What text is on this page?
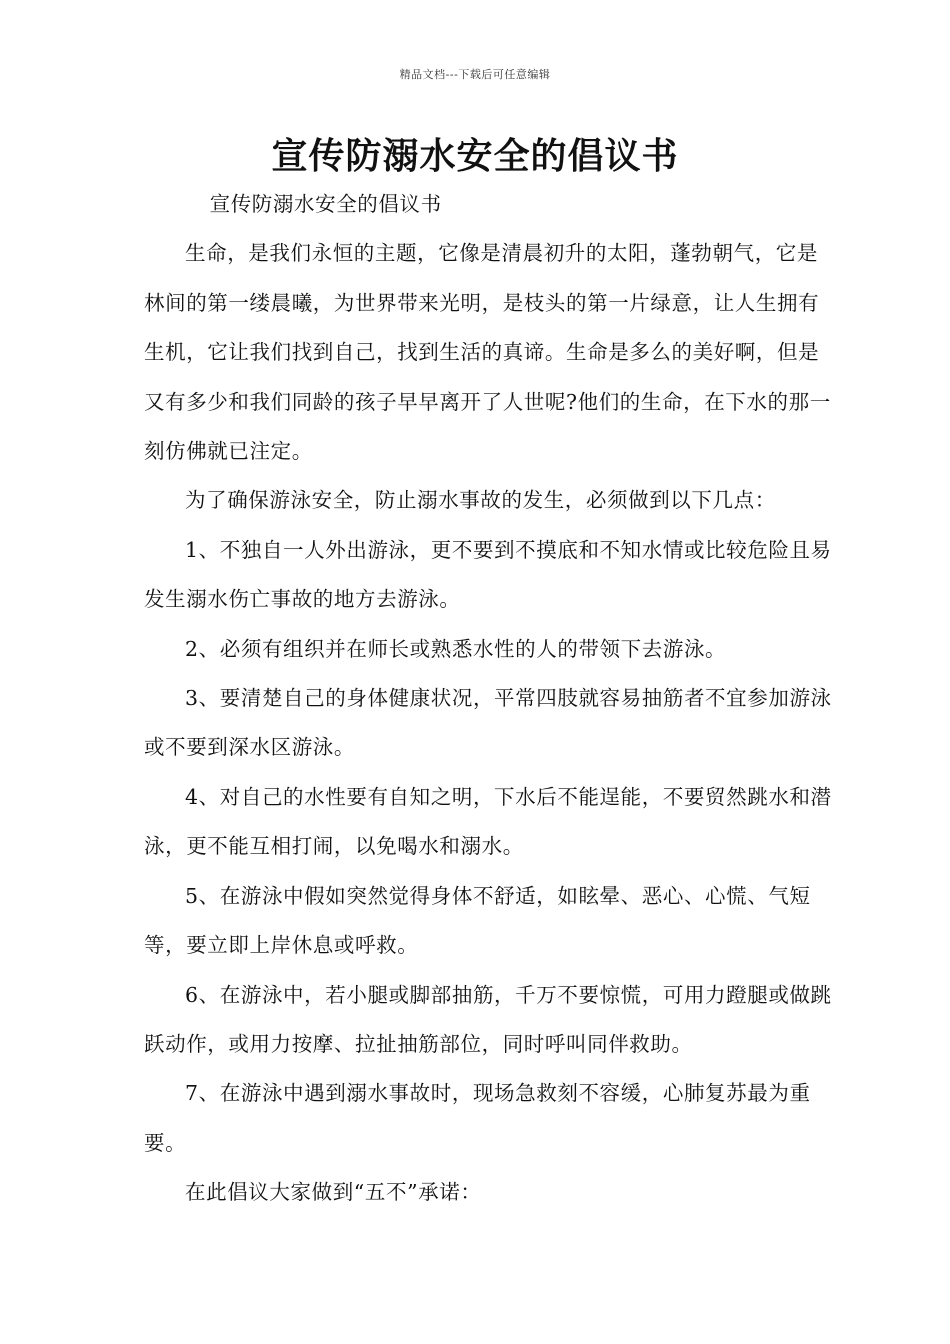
精品文档---下载后可任意编辑
宣传防溺水安全的倡议书

宣传防溺水安全的倡议书

生命，是我们永恒的主题，它像是清晨初升的太阳，蓬勃朝气，它是林间的第一缕晨曦，为世界带来光明，是枝头的第一片绿意，让人生拥有生机，它让我们找到自己，找到生活的真谛。生命是多么的美好啊，但是又有多少和我们同龄的孩子早早离开了人世呢?他们的生命，在下水的那一刻仿佛就已注定。

为了确保游泳安全，防止溺水事故的发生，必须做到以下几点：

1、不独自一人外出游泳，更不要到不摸底和不知水情或比较危险且易发生溺水伤亡事故的地方去游泳。

2、必须有组织并在师长或熟悉水性的人的带领下去游泳。

3、要清楚自己的身体健康状况，平常四肢就容易抽筋者不宜参加游泳或不要到深水区游泳。

4、对自己的水性要有自知之明，下水后不能逞能，不要贸然跳水和潜泳，更不能互相打闹，以免喝水和溺水。

5、在游泳中假如突然觉得身体不舒适，如眩晕、恶心、心慌、气短等，要立即上岸休息或呼救。

6、在游泳中，若小腿或脚部抽筋，千万不要惊慌，可用力蹬腿或做跳跃动作，或用力按摩、拉扯抽筋部位，同时呼叫同伴救助。

7、在游泳中遇到溺水事故时，现场急救刻不容缓，心肺复苏最为重要。

在此倡议大家做到“五不”承诺：
